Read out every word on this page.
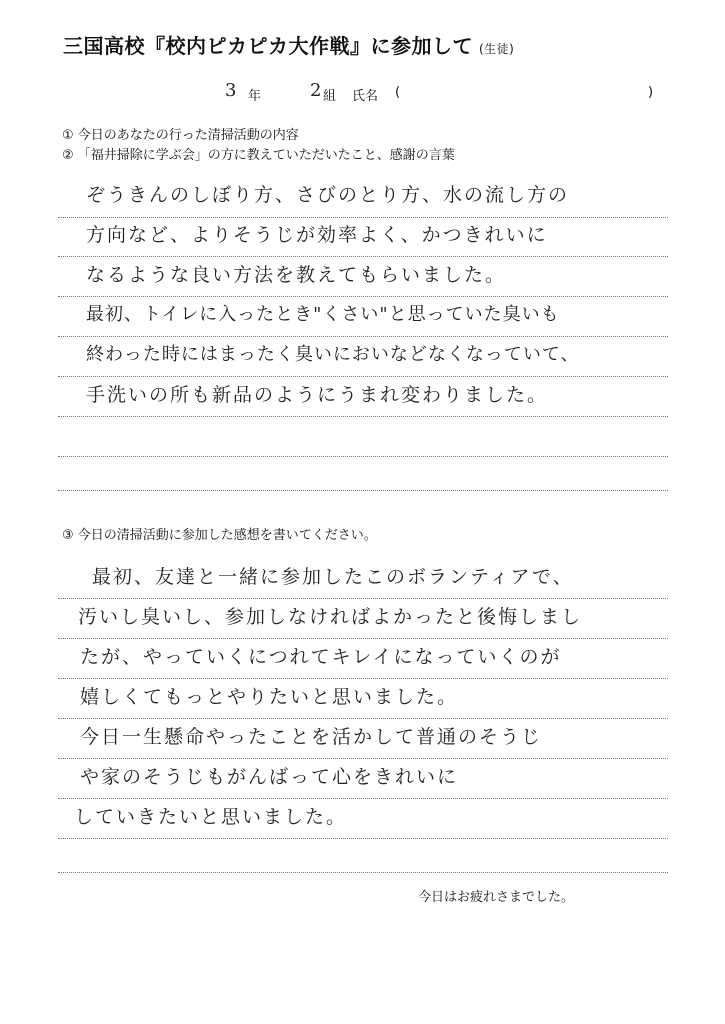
三国高校『校内ピカピカ大作戦』に参加して (生徒)
3 年	2 組 氏名 (	)
① 今日のあなたの行った清掃活動の内容
② 「福井掃除に学ぶ会」の方に教えていただいたこと、感謝の言葉
ぞうきんのしぼり方、さびのとり方、水の流し方の
方向など、よりそうじが効率よく、かつきれいに
なるような良い方法を教えてもらいました。
最初、トイレに入ったとき"くさい"と思っていた臭いも
終わった時にはまったく臭いにおいなどなくなっていて、
手洗いの所も新品のようにうまれ変わりました。
③ 今日の清掃活動に参加した感想を書いてください。
最初、友達と一緒に参加したこのボランティアで、
汚いし臭いし、参加しなければよかったと後悔しまし
たが、やっていくにつれてキレイになっていくのが
嬉しくてもっとやりたいと思いました。
今日一生懸命やったことを活かして普通のそうじ
や家のそうじもがんばって心をきれいに
していきたいと思いました。
今日はお疲れさまでした。
